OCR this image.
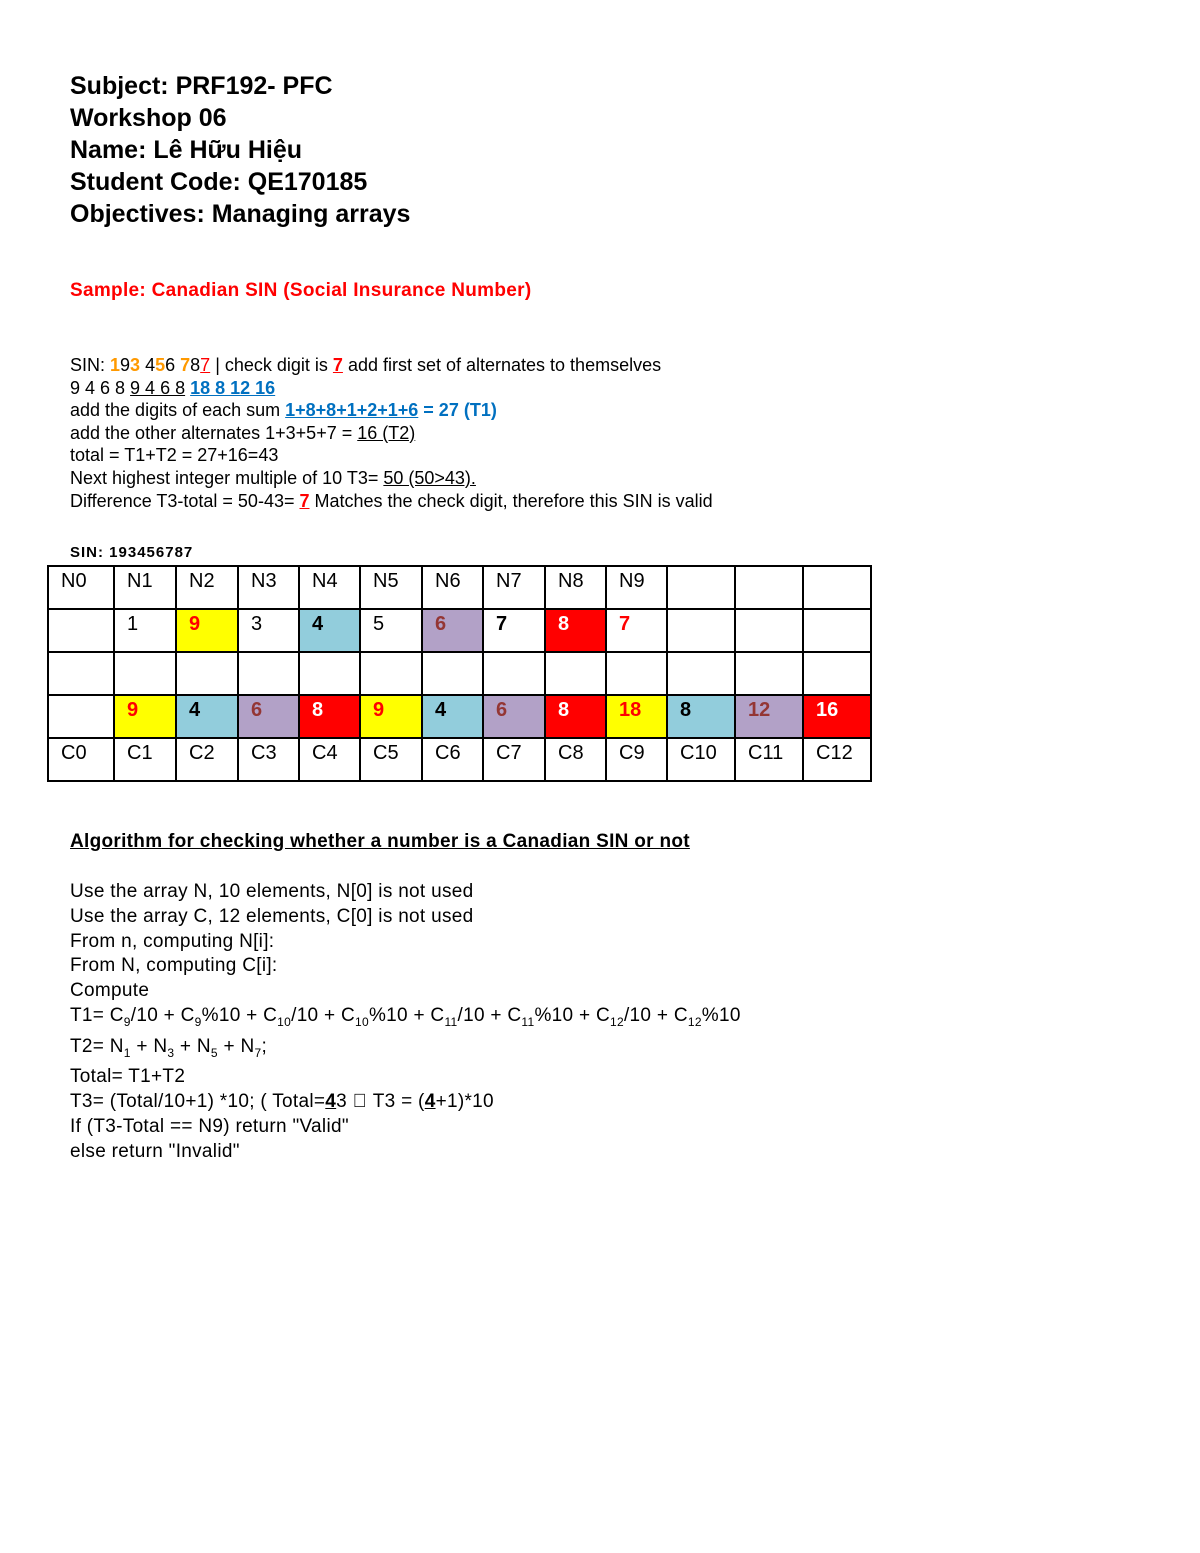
Subject: PRF192- PFC
Workshop 06
Name: Lê Hữu Hiệu
Student Code: QE170185
Objectives: Managing arrays
Sample: Canadian SIN (Social Insurance Number)
SIN: 193 456 787 | check digit is 7 add first set of alternates to themselves
9 4 6 8 9 4 6 8 18 8 12 16
add the digits of each sum 1+8+8+1+2+1+6 = 27 (T1)
add the other alternates 1+3+5+7 = 16 (T2)
total = T1+T2 = 27+16=43
Next highest integer multiple of 10 T3= 50 (50>43).
Difference T3-total = 50-43= 7 Matches the check digit, therefore this SIN is valid
SIN: 193456787
N0	N1	N2	N3	N4	N5	N6	N7	N8	N9			
	1	9	3	4	5	6	7	8	7			

	9	4	6	8	9	4	6	8	18	8	12	16
C0	C1	C2	C3	C4	C5	C6	C7	C8	C9	C10	C11	C12
Algorithm for checking whether a number is a Canadian SIN or not
Use the array N, 10 elements, N[0] is not used
Use the array C, 12 elements, C[0] is not used
From n, computing N[i]:
From N, computing C[i]:
Compute
$T1= C_9/10 + C_9\%10 + C_{10}/10 + C_{10}\%10 + C_{11}/10 + C_{11}\%10 + C_{12}/10 + C_{12}\%10$
$T2= N_1 + N_3 + N_5 + N_7$;
Total= T1+T2
T3= (Total/10+1) *10; ( Total=43 T3 = (4+1)*10
If (T3-Total == N9) return "Valid"
else return "Invalid"
